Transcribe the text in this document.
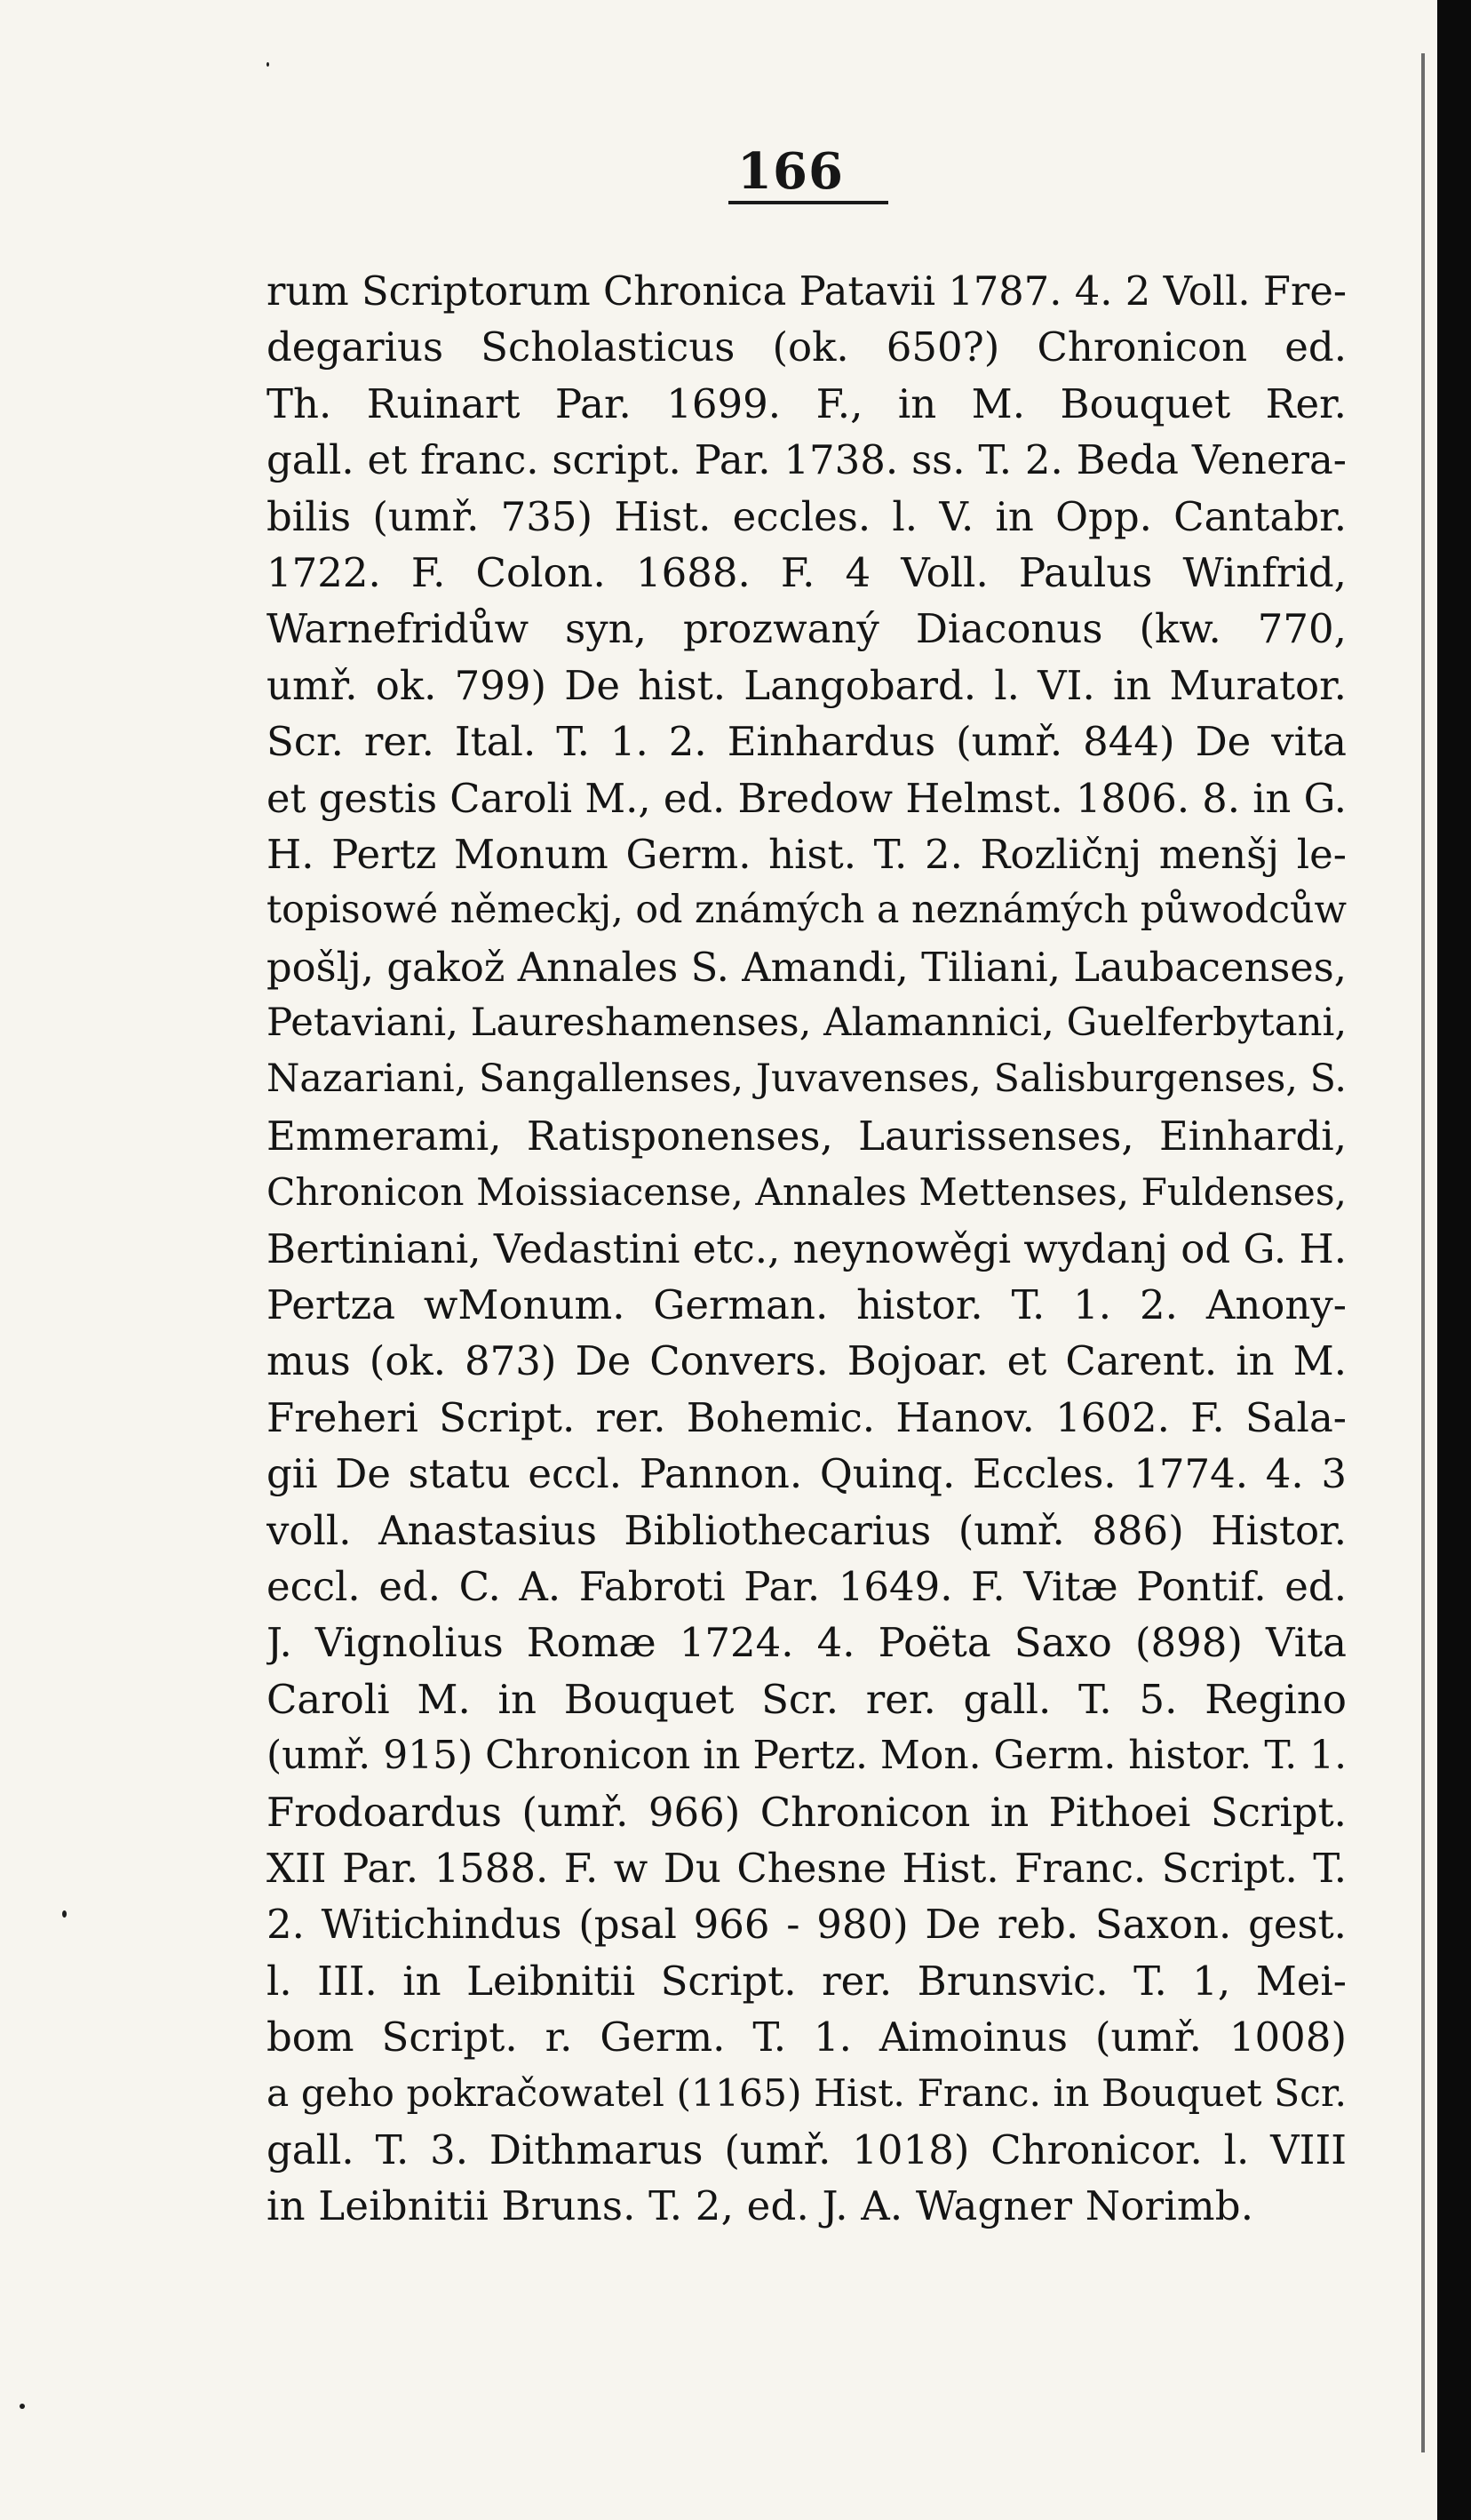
166
rum Scriptorum Chronica Patavii 1787. 4. 2 Voll. Fre-
degarius Scholasticus (ok. 650?) Chronicon ed.
Th. Ruinart Par. 1699. F., in M. Bouquet Rer.
gall. et franc. script. Par. 1738. ss. T. 2. Beda Venera-
bilis (umř. 735) Hist. eccles. l. V. in Opp. Cantabr.
1722. F. Colon. 1688. F. 4 Voll. Paulus Winfrid,
Warnefridůw syn, prozwaný Diaconus (kw. 770,
umř. ok. 799) De hist. Langobard. l. VI. in Murator.
Scr. rer. Ital. T. 1. 2. Einhardus (umř. 844) De vita
et gestis Caroli M., ed. Bredow Helmst. 1806. 8. in G.
H. Pertz Monum Germ. hist. T. 2. Rozličnj menšj le-
topisowé německj, od známých a neznámých půwodcůw
pošlj, gakož Annales S. Amandi, Tiliani, Laubacenses,
Petaviani, Laureshamenses, Alamannici, Guelferbytani,
Nazariani, Sangallenses, Juvavenses, Salisburgenses, S.
Emmerami, Ratisponenses, Laurissenses, Einhardi,
Chronicon Moissiacense, Annales Mettenses, Fuldenses,
Bertiniani, Vedastini etc., neynowěgi wydanj od G. H.
Pertza wMonum. German. histor. T. 1. 2. Anony-
mus (ok. 873) De Convers. Bojoar. et Carent. in M.
Freheri Script. rer. Bohemic. Hanov. 1602. F. Sala-
gii De statu eccl. Pannon. Quinq. Eccles. 1774. 4. 3
voll. Anastasius Bibliothecarius (umř. 886) Histor.
eccl. ed. C. A. Fabroti Par. 1649. F. Vitæ Pontif. ed.
J. Vignolius Romæ 1724. 4. Poëta Saxo (898) Vita
Caroli M. in Bouquet Scr. rer. gall. T. 5. Regino
(umř. 915) Chronicon in Pertz. Mon. Germ. histor. T. 1.
Frodoardus (umř. 966) Chronicon in Pithoei Script.
XII Par. 1588. F. w Du Chesne Hist. Franc. Script. T.
2. Witichindus (psal 966 - 980) De reb. Saxon. gest.
l. III. in Leibnitii Script. rer. Brunsvic. T. 1, Mei-
bom Script. r. Germ. T. 1. Aimoinus (umř. 1008)
a geho pokračowatel (1165) Hist. Franc. in Bouquet Scr.
gall. T. 3. Dithmarus (umř. 1018) Chronicor. l. VIII
in Leibnitii Bruns. T. 2, ed. J. A. Wagner Norimb.
